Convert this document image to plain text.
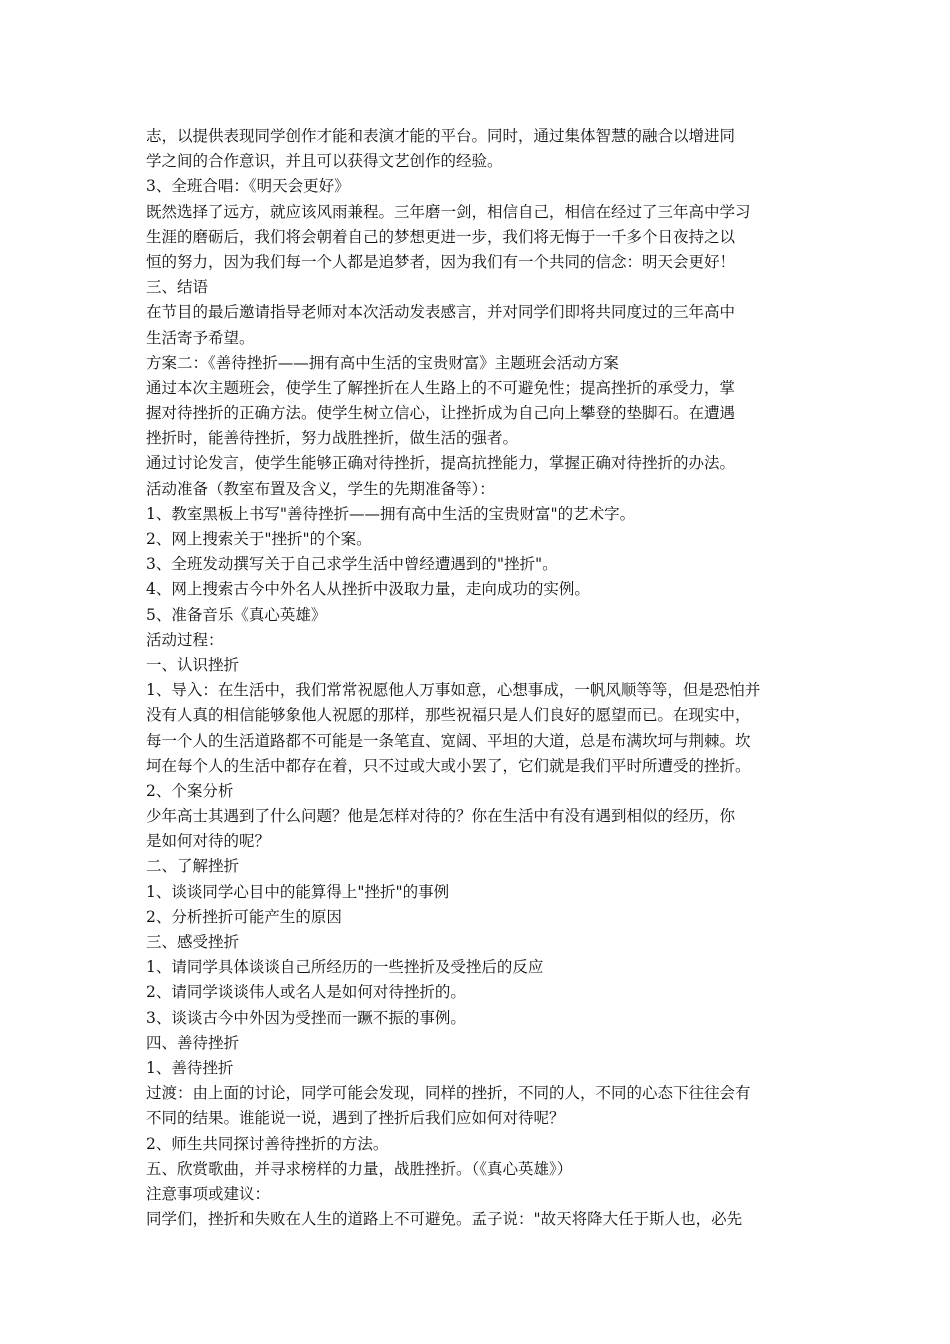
志，以提供表现同学创作才能和表演才能的平台。同时，通过集体智慧的融合以增进同
学之间的合作意识，并且可以获得文艺创作的经验。
3、全班合唱：《明天会更好》
既然选择了远方，就应该风雨兼程。三年磨一剑，相信自己，相信在经过了三年高中学习
生涯的磨砺后，我们将会朝着自己的梦想更进一步，我们将无悔于一千多个日夜持之以
恒的努力，因为我们每一个人都是追梦者，因为我们有一个共同的信念：明天会更好！
三、结语
在节目的最后邀请指导老师对本次活动发表感言，并对同学们即将共同度过的三年高中
生活寄予希望。
方案二：《善待挫折——拥有高中生活的宝贵财富》主题班会活动方案
通过本次主题班会，使学生了解挫折在人生路上的不可避免性；提高挫折的承受力，掌
握对待挫折的正确方法。使学生树立信心，让挫折成为自己向上攀登的垫脚石。在遭遇
挫折时，能善待挫折，努力战胜挫折，做生活的强者。
通过讨论发言，使学生能够正确对待挫折，提高抗挫能力，掌握正确对待挫折的办法。
活动准备（教室布置及含义，学生的先期准备等）：
1、教室黑板上书写"善待挫折——拥有高中生活的宝贵财富"的艺术字。
2、网上搜索关于"挫折"的个案。
3、全班发动撰写关于自己求学生活中曾经遭遇到的"挫折"。
4、网上搜索古今中外名人从挫折中汲取力量，走向成功的实例。
5、准备音乐《真心英雄》
活动过程：
一、认识挫折
1、导入：在生活中，我们常常祝愿他人万事如意，心想事成，一帆风顺等等，但是恐怕并
没有人真的相信能够象他人祝愿的那样，那些祝福只是人们良好的愿望而已。在现实中，
每一个人的生活道路都不可能是一条笔直、宽阔、平坦的大道，总是布满坎坷与荆棘。坎
坷在每个人的生活中都存在着，只不过或大或小罢了，它们就是我们平时所遭受的挫折。
2、个案分析
少年高士其遇到了什么问题？他是怎样对待的？你在生活中有没有遇到相似的经历，你
是如何对待的呢？
二、了解挫折
1、谈谈同学心目中的能算得上"挫折"的事例
2、分析挫折可能产生的原因
三、感受挫折
1、请同学具体谈谈自己所经历的一些挫折及受挫后的反应
2、请同学谈谈伟人或名人是如何对待挫折的。
3、谈谈古今中外因为受挫而一蹶不振的事例。
四、善待挫折
1、善待挫折
过渡：由上面的讨论，同学可能会发现，同样的挫折，不同的人，不同的心态下往往会有
不同的结果。谁能说一说，遇到了挫折后我们应如何对待呢？
2、师生共同探讨善待挫折的方法。
五、欣赏歌曲，并寻求榜样的力量，战胜挫折。（《真心英雄》）
注意事项或建议：
同学们，挫折和失败在人生的道路上不可避免。孟子说："故天将降大任于斯人也，必先
